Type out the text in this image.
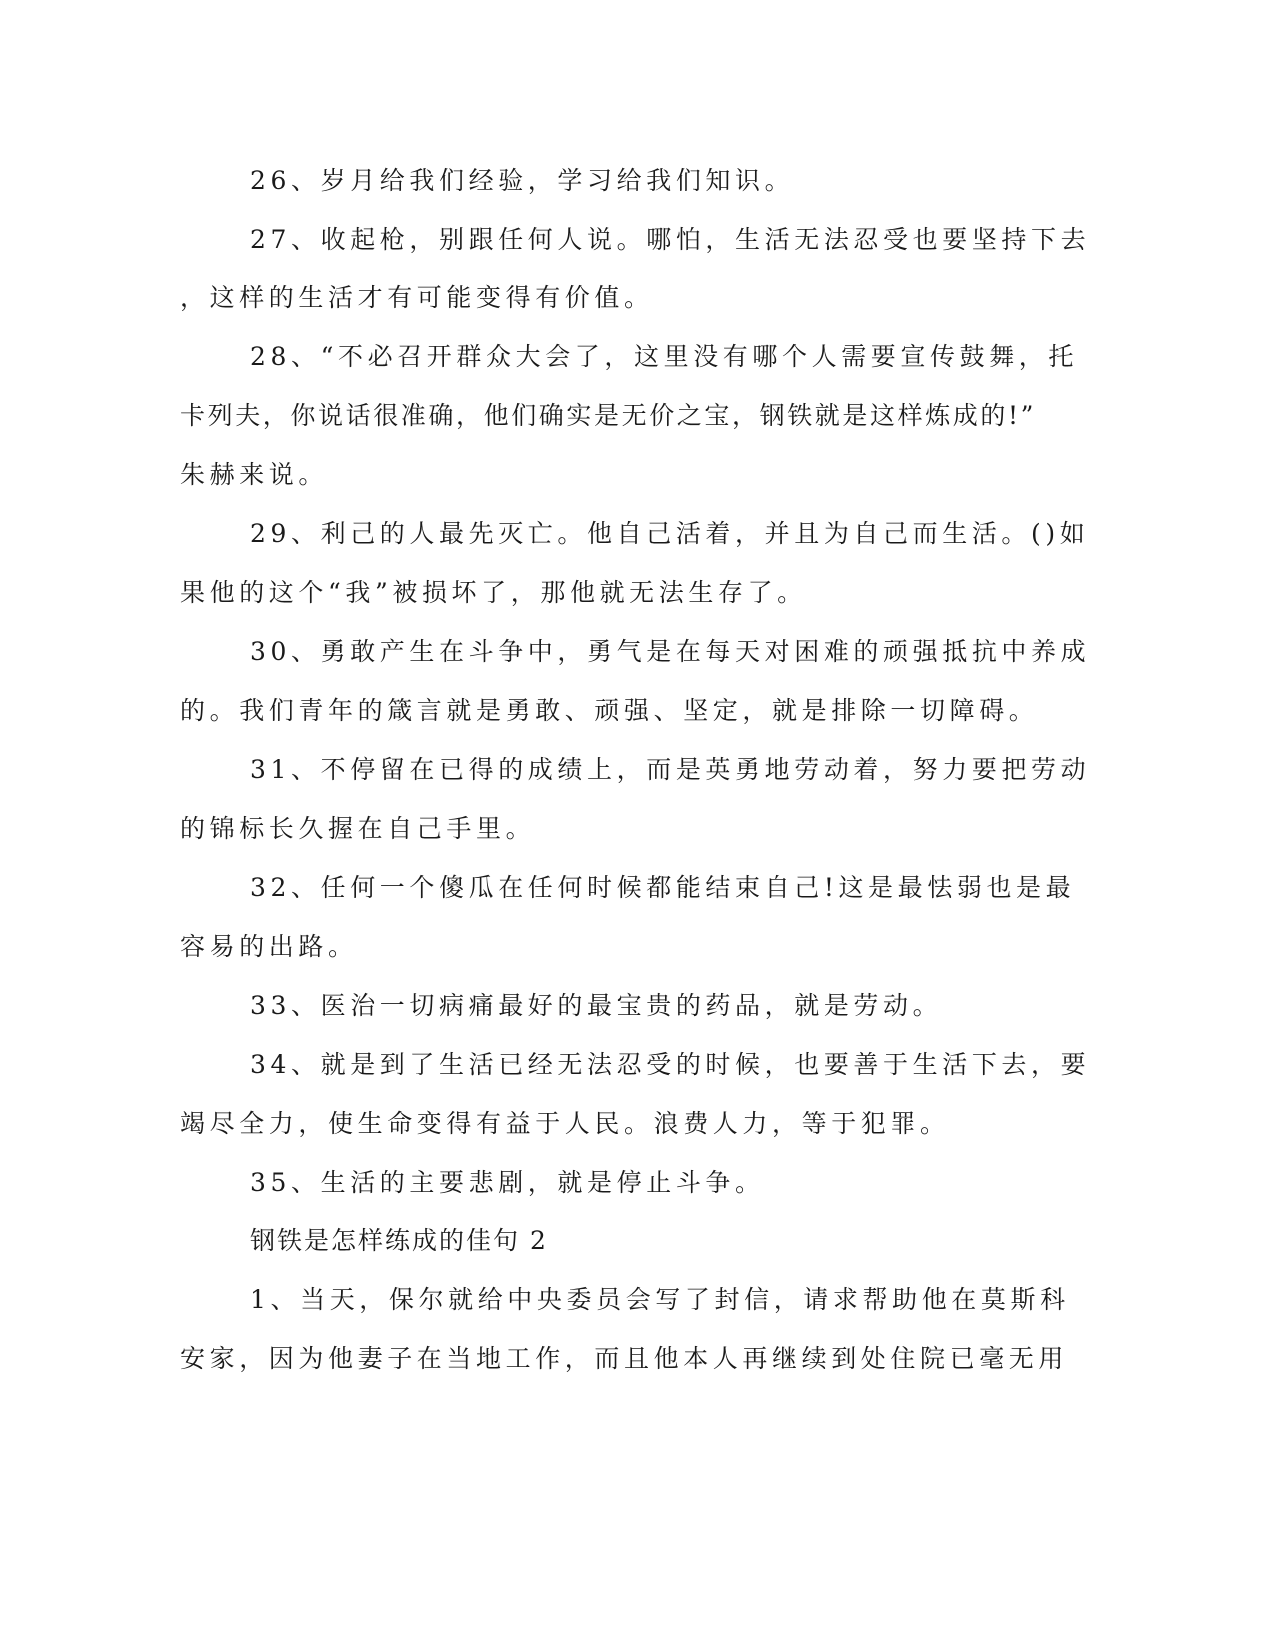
26、岁月给我们经验，学习给我们知识。

27、收起枪，别跟任何人说。哪怕，生活无法忍受也要坚持下去

，这样的生活才有可能变得有价值。

28、“不必召开群众大会了，这里没有哪个人需要宣传鼓舞，托

卡列夫，你说话很准确，他们确实是无价之宝，钢铁就是这样炼成的!”

朱赫来说。

29、利己的人最先灭亡。他自己活着，并且为自己而生活。()如

果他的这个“我”被损坏了，那他就无法生存了。

30、勇敢产生在斗争中，勇气是在每天对困难的顽强抵抗中养成

的。我们青年的箴言就是勇敢、顽强、坚定，就是排除一切障碍。

31、不停留在已得的成绩上，而是英勇地劳动着，努力要把劳动

的锦标长久握在自己手里。

32、任何一个傻瓜在任何时候都能结束自己!这是最怯弱也是最

容易的出路。

33、医治一切病痛最好的最宝贵的药品，就是劳动。

34、就是到了生活已经无法忍受的时候，也要善于生活下去，要

竭尽全力，使生命变得有益于人民。浪费人力，等于犯罪。

35、生活的主要悲剧，就是停止斗争。

钢铁是怎样练成的佳句 2

1、当天，保尔就给中央委员会写了封信，请求帮助他在莫斯科

安家，因为他妻子在当地工作，而且他本人再继续到处住院已毫无用
